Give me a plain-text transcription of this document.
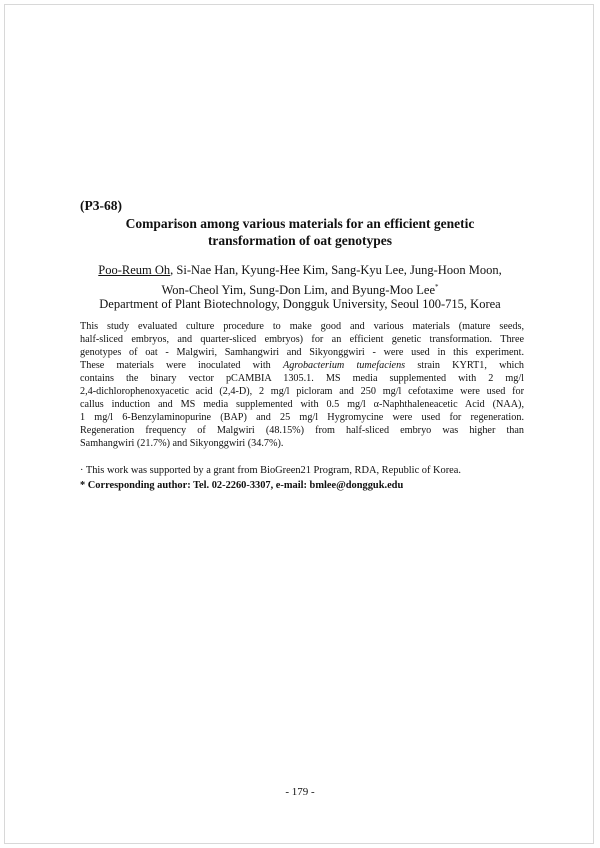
(P3-68)
Comparison among various materials for an efficient genetic
transformation of oat genotypes
Poo-Reum Oh, Si-Nae Han, Kyung-Hee Kim, Sang-Kyu Lee, Jung-Hoon Moon,
Won-Cheol Yim, Sung-Don Lim, and Byung-Moo Lee*
Department of Plant Biotechnology, Dongguk University, Seoul 100-715, Korea
This study evaluated culture procedure to make good and various materials (mature seeds,
half-sliced embryos, and quarter-sliced embryos) for an efficient genetic transformation. Three
genotypes of oat - Malgwiri, Samhangwiri and Sikyonggwiri - were used in this experiment.
These materials were inoculated with Agrobacterium tumefaciens strain KYRT1, which
contains the binary vector pCAMBIA 1305.1. MS media supplemented with 2 mg/l
2,4-dichlorophenoxyacetic acid (2,4-D), 2 mg/l picloram and 250 mg/l cefotaxime were used for
callus induction and MS media supplemented with 0.5 mg/l α-Naphthaleneacetic Acid (NAA),
1 mg/l 6-Benzylaminopurine (BAP) and 25 mg/l Hygromycine were used for regeneration.
Regeneration frequency of Malgwiri (48.15%) from half-sliced embryo was higher than
Samhangwiri (21.7%) and Sikyonggwiri (34.7%).
· This work was supported by a grant from BioGreen21 Program, RDA, Republic of Korea.
* Corresponding author: Tel. 02-2260-3307, e-mail: bmlee@dongguk.edu
- 179 -
